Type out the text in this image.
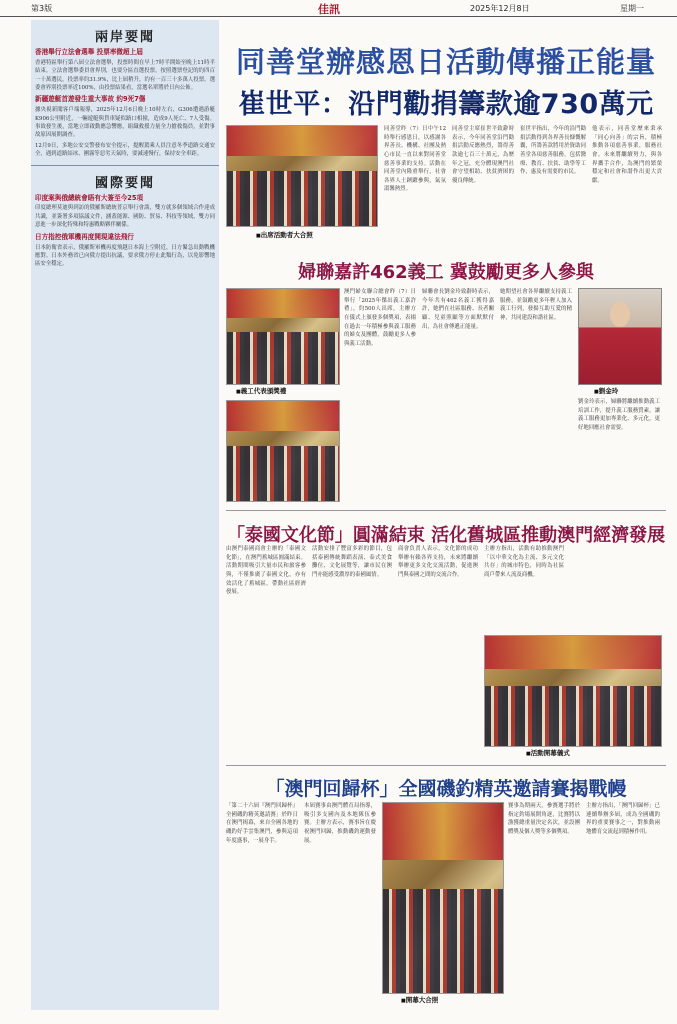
第3版	佳訊	2025年12月8日	星期一
兩岸要聞
香港舉行立法會選舉 投票率微超上屆
香港特區舉行第八屆立法會選舉，投票時間在早上7時半開始至晚上11時半結束。立法會選舉委員會界別，也要分區直選投票。按照選票登記的約四百一十萬選民，投票率約31.9%，比上屆稍升，約有一百三十多萬人投票。選委會界別投票率近100%，由投票結果看，當選名單將於日內公佈。
新疆遊艇首遊發生重大事故 約9死7傷
據央視新聞客戶端報導，2025年12月6日晚上10時左右，G306遭遇游艇K906公里附近，一輛遊艇與貨車疑似路口相撞，造成9人死亡、7人受傷。事故發生後，當地立即啟動應急響應，組織救援力量全力搶救傷員，並對事故原因展開調查。
12月9日，多地公安交警發布安全提示，提醒駕乘人員注意冬季道路交通安全，遇到道路結冰、團霧等惡劣天氣時，要減速慢行，保持安全車距。
國際要聞
印度案與俄總統會晤有大簽至今25項
印度總理莫迪與到訪的俄羅斯總統普京舉行會談，雙方就多個領域合作達成共識，並簽署多項協議文件，涵蓋能源、國防、貿易、科技等領域，雙方同意進一步深化特殊和特惠戰略夥伴關係。
日方指控俄軍機再度開現違法飛行
日本防衛省表示，俄羅斯軍機再度飛越日本海上空附近，日方緊急出動戰機應對。日本外務省已向俄方提出抗議，要求俄方停止此類行為，以免影響地區安全穩定。
同善堂辦感恩日活動傳播正能量
崔世平：沿門勸捐籌款逾730萬元
■ 出席活動者大合照
同善堂昨（7）日中午12時舉行感恩日，以感謝各界善長、機構、社團及熱心市民一直以來對同善堂慈善事業的支持。活動在同善堂內隆重舉行，社會各界人士踴躍參與，氣氛溫馨熱烈。
同善堂主席崔世平致辭時表示，今年同善堂沿門勸捐活動反應熱烈，籌得善款逾七百三十萬元，為歷年之冠，充分體現澳門社會守望相助、扶貧濟困的優良傳統。
崔世平指出，今年的沿門勸捐活動得到各界善長慷慨解囊，所籌善款將用於資助同善堂各項慈善服務，包括醫療、教育、扶貧、助學等工作，惠及有需要的市民。
他表示，同善堂歷來秉承「同心向善」的宗旨，積極推動各項慈善事業，服務社會。未來將繼續努力，與各界攜手合作，為澳門的繁榮穩定和社會和諧作出更大貢獻。
婦聯嘉許462義工 冀鼓勵更多人參與
■ 義工代表頒獎禮
澳門婦女聯合總會昨（7）日舉行「2025年傑出義工嘉許禮」，約500人出席，主辦方在儀式上頒發多個獎項，表揚在過去一年積極參與義工服務的婦女及團體，鼓勵更多人參與義工活動。
婦聯會長劉金玲致辭時表示，今年共有462名義工獲得嘉許，她們在社區服務、長者關顧、兒童照顧等方面默默付出，為社會傳遞正能量。
她期望社會各界繼續支持義工服務，並鼓勵更多年輕人加入義工行列，發揚互助互愛的精神，共同建設和諧社區。
■ 劉金玲
劉金玲表示，婦聯將繼續推動義工培訓工作，提升義工服務質素，讓義工服務更加專業化、多元化，更好地回應社會需要。
「泰國文化節」圓滿結束 活化舊城區推動澳門經濟發展
由澳門泰國商會主辦的「泰國文化節」，在澳門舊城區圓滿結束。活動期間吸引大量市民和旅客參與，不僅推廣了泰國文化，亦有效活化了舊城區，帶動社區經濟發展。
活動安排了豐富多彩的節目，包括泰國傳統舞蹈表演、泰式美食攤位、文化展覽等，讓市民在澳門亦能感受濃厚的泰國風情。
商會負責人表示，文化節的成功舉辦有賴各界支持，未來將繼續舉辦更多文化交流活動，促進澳門與泰國之間的交流合作。
主辦方指出，活動有助推動澳門「以中華文化為主流、多元文化共存」的城市特色，同時為社區商戶帶來人流及商機。
■ 活動開幕儀式
「澳門回歸杯」全國磯釣精英邀請賽揭戰幔
「第二十六屆『澳門回歸杯』全國磯釣精英邀請賽」於昨日在澳門揭幕，來自全國各地的磯釣好手雲集澳門，參與這項年度盛事，一展身手。
本屆賽事由澳門體育局指導，吸引多支國內及本地隊伍參賽。主辦方表示，賽事旨在慶祝澳門回歸，推動磯釣運動發展。
■ 開幕大合照
賽事為期兩天，參賽選手將於指定釣場展開角逐，比賽將以漁獲總重量決定名次，並設團體獎及個人獎等多個獎項。
主辦方指出，「澳門回歸杯」已連續舉辦多屆，成為全國磯釣界的重要賽事之一，對推動兩地體育交流起到積極作用。
